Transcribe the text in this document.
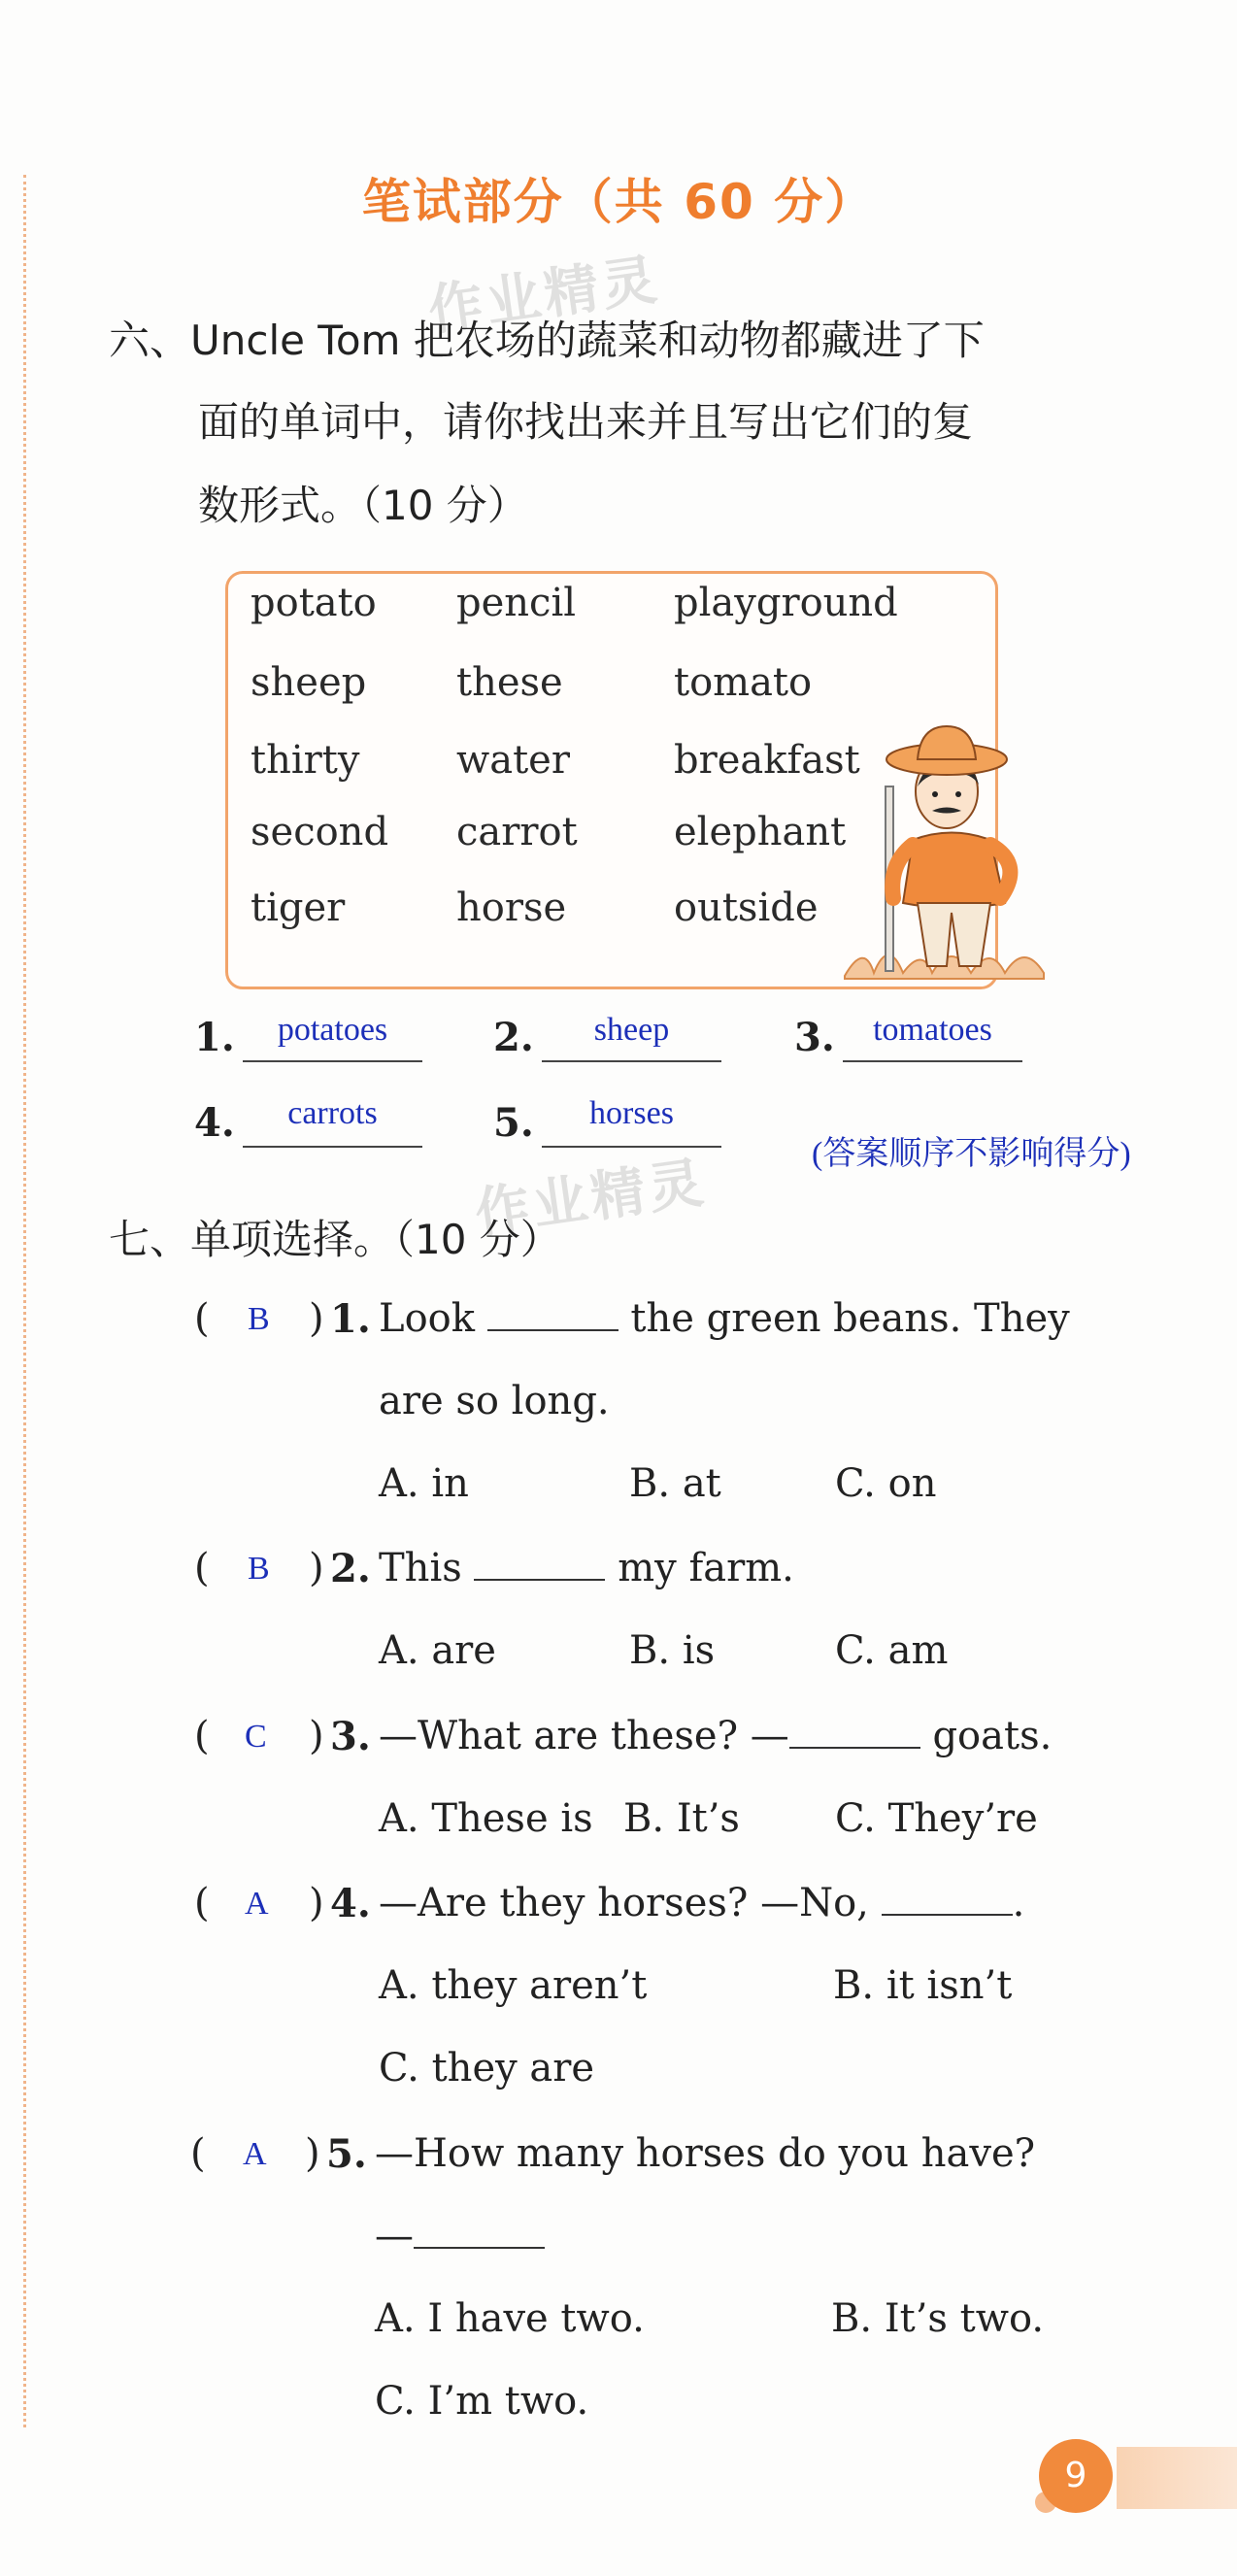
笔试部分（共 60 分）
作业精灵
作业精灵
六、Uncle Tom 把农场的蔬菜和动物都藏进了下
面的单词中，请你找出来并且写出它们的复
数形式。（10 分）
potato pencil	playground
sheep these	tomato
thirty water	breakfast
second carrot elephant
tiger	horse	outside
1.	potatoes	2.	sheep	3.	tomatoes
4.	carrots	5.	horses
(答案顺序不影响得分)
七、单项选择。（10 分）
( B ) 1. Look	the green beans. They
are so long.
A. in	B. at	C. on
( B ) 2. This	my farm.
A. are	B. is	C. am
( C ) 3. —What are these? —	goats.
A. These is B. It’s C. They’re
( A ) 4. —Are they horses? —No,	.
A. they aren’t	B. it isn’t
C. they are
( A ) 5. —How many horses do you have?
—
A. I have two.	B. It’s two.
C. I’m two.
9
